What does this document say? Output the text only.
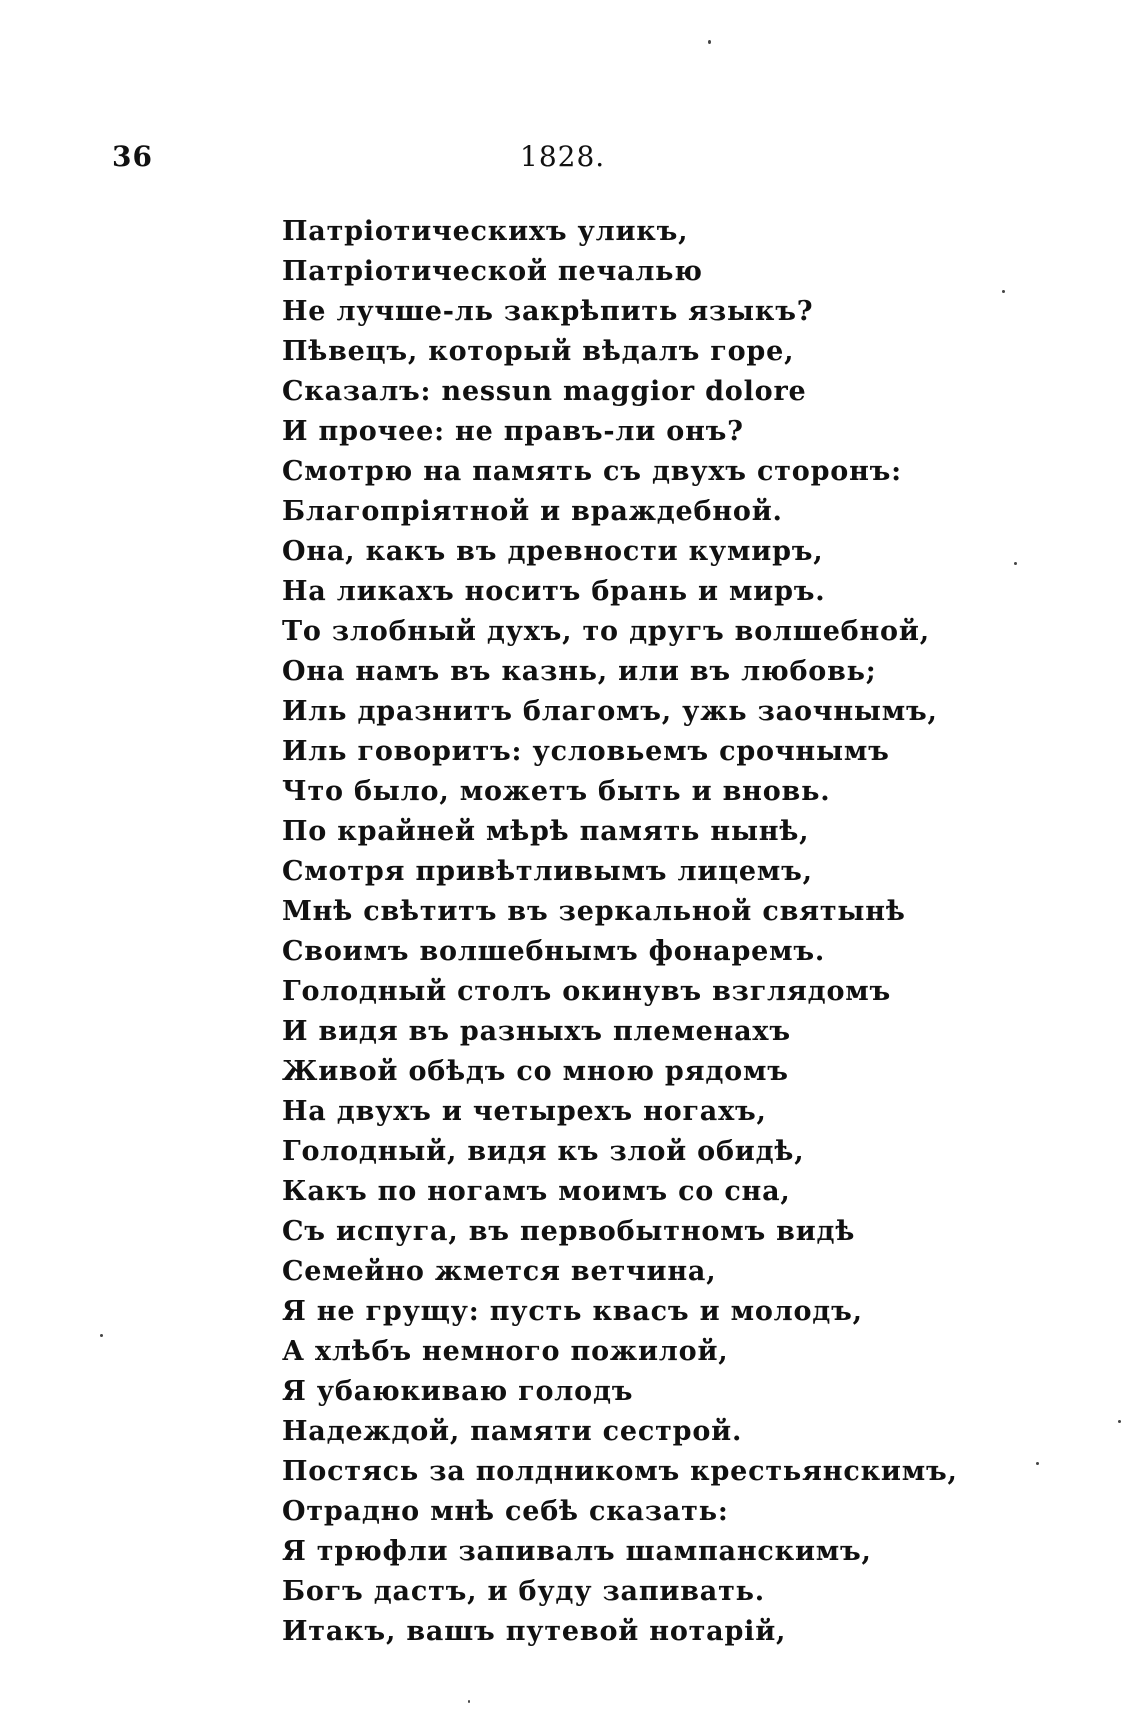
36	1828.
Патріотическихъ уликъ,
Патріотической печалью
Не лучше-ль закрѣпить языкъ?
Пѣвецъ, который вѣдалъ горе,
Сказалъ: nessun maggior dolore
И прочее: не правъ-ли онъ?
Смотрю на память съ двухъ сторонъ:
Благопріятной и враждебной.
Она, какъ въ древности кумиръ,
На ликахъ носитъ брань и миръ.
То злобный духъ, то другъ волшебной,
Она намъ въ казнь, или въ любовь;
Иль дразнитъ благомъ, ужь заочнымъ,
Иль говоритъ: условьемъ срочнымъ
Что было, можетъ быть и вновь.
По крайней мѣрѣ память нынѣ,
Смотря привѣтливымъ лицемъ,
Мнѣ свѣтитъ въ зеркальной святынѣ
Своимъ волшебнымъ фонаремъ.
Голодный столъ окинувъ взглядомъ
И видя въ разныхъ племенахъ
Живой обѣдъ со мною рядомъ
На двухъ и четырехъ ногахъ,
Голодный, видя къ злой обидѣ,
Какъ по ногамъ моимъ со сна,
Съ испуга, въ первобытномъ видѣ
Семейно жмется ветчина,
Я не грущу: пусть квасъ и молодъ,
А хлѣбъ немного пожилой,
Я убаюкиваю голодъ
Надеждой, памяти сестрой.
Постясь за полдникомъ крестьянскимъ,
Отрадно мнѣ себѣ сказать:
Я трюфли запивалъ шампанскимъ,
Богъ дастъ, и буду запивать.
Итакъ, вашъ путевой нотарій,
